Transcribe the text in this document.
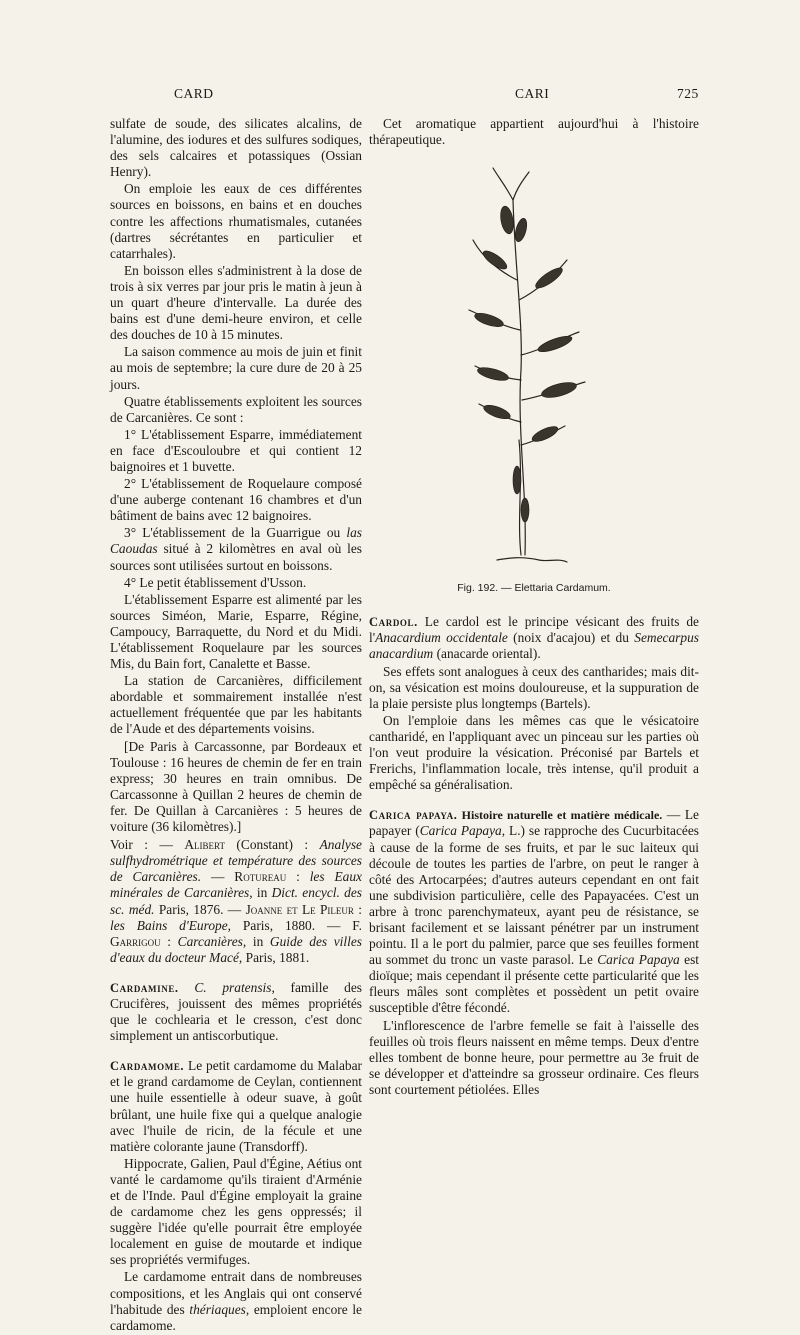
CARD	CARI	725

sulfate de soude, des silicates alcalins, de l'alumine, des iodures et des sulfures sodiques, des sels calcaires et potassiques (Ossian Henry).

On emploie les eaux de ces différentes sources en boissons, en bains et en douches contre les affections rhumatismales, cutanées (dartres sécrétantes en particulier et catarrhales).

En boisson elles s'administrent à la dose de trois à six verres par jour pris le matin à jeun à un quart d'heure d'intervalle. La durée des bains est d'une demi-heure environ, et celle des douches de 10 à 15 minutes.

La saison commence au mois de juin et finit au mois de septembre; la cure dure de 20 à 25 jours.

Quatre établissements exploitent les sources de Carcanières. Ce sont :

1° L'établissement Esparre, immédiatement en face d'Escouloubre et qui contient 12 baignoires et 1 buvette.

2° L'établissement de Roquelaure composé d'une auberge contenant 16 chambres et d'un bâtiment de bains avec 12 baignoires.

3° L'établissement de la Guarrigue ou las Caoudas situé à 2 kilomètres en aval où les sources sont utilisées surtout en boissons.

4° Le petit établissement d'Usson.

L'établissement Esparre est alimenté par les sources Siméon, Marie, Esparre, Régine, Campoucy, Barraquette, du Nord et du Midi. L'établissement Roquelaure par les sources Mis, du Bain fort, Canalette et Basse.

La station de Carcanières, difficilement abordable et sommairement installée n'est actuellement fréquentée que par les habitants de l'Aude et des départements voisins.

[De Paris à Carcassonne, par Bordeaux et Toulouse : 16 heures de chemin de fer en train express; 30 heures en train omnibus. De Carcassonne à Quillan 2 heures de chemin de fer. De Quillan à Carcanières : 5 heures de voiture (36 kilomètres).]

Voir : — Alibert (Constant) : Analyse sulfhydrométrique et température des sources de Carcanières. — Rotureau : les Eaux minérales de Carcanières, in Dict. encycl. des sc. méd. Paris, 1876. — Joanne et Le Pileur : les Bains d'Europe, Paris, 1880. — F. Garrigou : Carcanières, in Guide des villes d'eaux du docteur Macé, Paris, 1881.

Cardamine. C. pratensis, famille des Crucifères, jouissent des mêmes propriétés que le cochlearia et le cresson, c'est donc simplement un antiscorbutique.

Cardamome. Le petit cardamome du Malabar et le grand cardamome de Ceylan, contiennent une huile essentielle à odeur suave, à goût brûlant, une huile fixe qui a quelque analogie avec l'huile de ricin, de la fécule et une matière colorante jaune (Transdorff).

Hippocrate, Galien, Paul d'Égine, Aétius ont vanté le cardamome qu'ils tiraient d'Arménie et de l'Inde. Paul d'Égine employait la graine de cardamome chez les gens oppressés; il suggère l'idée qu'elle pourrait être employée localement en guise de moutarde et indique ses propriétés vermifuges.

Le cardamome entrait dans de nombreuses compositions, et les Anglais qui ont conservé l'habitude des thériaques, emploient encore le cardamome.

Cet aromatique appartient aujourd'hui à l'histoire thérapeutique.

Fig. 192. — Elettaria Cardamum.

Cardol. Le cardol est le principe vésicant des fruits de l'Anacardium occidentale (noix d'acajou) et du Semecarpus anacardium (anacarde oriental).

Ses effets sont analogues à ceux des cantharides; mais dit-on, sa vésication est moins douloureuse, et la suppuration de la plaie persiste plus longtemps (Bartels).

On l'emploie dans les mêmes cas que le vésicatoire cantharidé, en l'appliquant avec un pinceau sur les parties où l'on veut produire la vésication. Préconisé par Bartels et Frerichs, l'inflammation locale, très intense, qu'il produit a empêché sa généralisation.

Carica papaya. Histoire naturelle et matière médicale. — Le papayer (Carica Papaya, L.) se rapproche des Cucurbitacées à cause de la forme de ses fruits, et par le suc laiteux qui découle de toutes les parties de l'arbre, on peut le ranger à côté des Artocarpées; d'autres auteurs cependant en ont fait une subdivision particulière, celle des Papayacées. C'est un arbre à tronc parenchymateux, ayant peu de résistance, se brisant facilement et se laissant pénétrer par un instrument pointu. Il a le port du palmier, parce que ses feuilles forment au sommet du tronc un vaste parasol. Le Carica Papaya est dioïque; mais cependant il présente cette particularité que les fleurs mâles sont complètes et possèdent un petit ovaire susceptible d'être fécondé.

L'inflorescence de l'arbre femelle se fait à l'aisselle des feuilles où trois fleurs naissent en même temps. Deux d'entre elles tombent de bonne heure, pour permettre au 3e fruit de se développer et d'atteindre sa grosseur ordinaire. Ces fleurs sont courtement pétiolées. Elles
